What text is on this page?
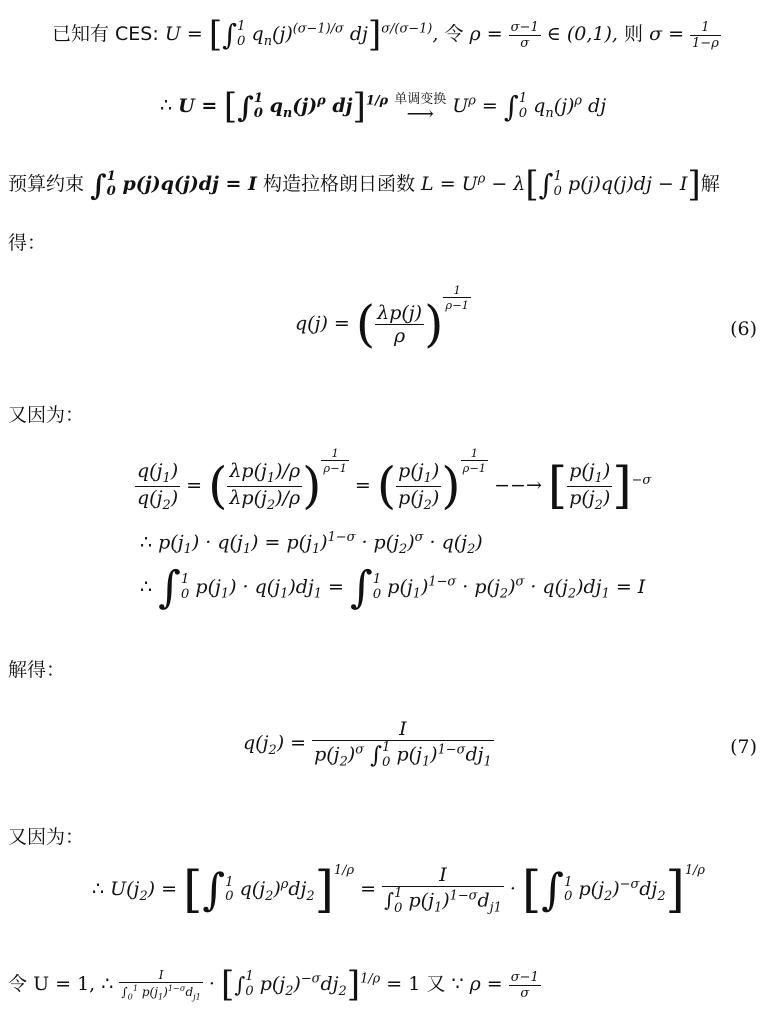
已知有 CES: U = [∫ 1
0 $q_n(j)^{(\sigma-1)/\sigma}$ dj]$^{\sigma/(\sigma-1)}$, 令 $\rho = \frac{\sigma-1}{\sigma}$ ∈ (0,1), 则 $\sigma = \frac{1}{1-\rho}$
∴ U = [∫ 1
0 $q_n(j)^\rho$ dj]$^{1/\rho}$ 单调变换
⟶ $U^\rho$ = ∫ 1
0 $q_n(j)^\rho$ dj
预算约束 ∫ 1
0 p(j)q(j)dj = I 构造拉格朗日函数 $L = U^\rho - \lambda[\int$ 1
0 p(j)q(j)dj − I]解
得：
q(j) = ( $\frac{\lambda p(j)}{\rho}$ ) $^{\frac{1}{\rho-1}}$
(6)
又因为：
$\frac{q(j_1)}{q(j_2)}$ = ( $\frac{\lambda p(j_1)/\rho}{\lambda p(j_2)/\rho}$ ) $^{\frac{1}{\rho-1}}$
= ( $\frac{p(j_1)}{p(j_2)}$ ) $^{\frac{1}{\rho-1}}$
−−→ [ $\frac{p(j_1)}{p(j_2)} ]^{-\sigma}$
∴ $p(j_1) \cdot q(j_1) = p(j_1)^{1-\sigma} \cdot p(j_2)^\sigma \cdot q(j_2)$
∴ ∫ 1
0 $p(j_1) \cdot q(j_1)dj_1$ = ∫ 1
0 $p(j_1)^{1-\sigma} \cdot p(j_2)^\sigma \cdot q(j_2)dj_1 = I$
解得：
$q(j_2) = I$
$p(j_2)^\sigma$ ∫ 1
0 $p(j_1)^{1-\sigma}dj_1$	(7)
又因为：
∴ $U(j_2)$ = [∫ 1
0 $q(j_2)^\rho dj_2]^{1/\rho} = I$
∫ 1
0 $p(j_1)^{1-\sigma}d_{j1}$ · [∫ 1
0 $p(j_2)^{-\sigma}dj_2]^{1/\rho}$
令 U = 1, ∴ $\frac{I}{\int_0^1 p(j_1)^{1-\sigma}d_{j1}}$ · [∫ 1
0 $p(j_2)^{-\sigma}dj_2]^{1/\rho} = 1$ 又 ∵ $\rho = \frac{\sigma-1}{\sigma}$
